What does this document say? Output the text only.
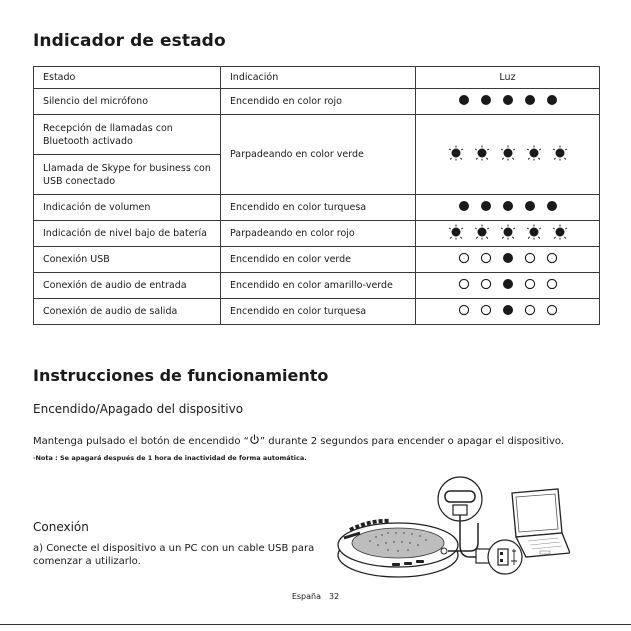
Indicador de estado
Estado	Indicación	Luz
Silencio del micrófono	Encendido en color rojo	

Recepción de llamadas con Bluetooth activado	Parpadeando en color verde	

Llamada de Skype for business con USB conectado		
Indicación de volumen	Encendido en color turquesa	

Indicación de nivel bajo de batería	Parpadeando en color rojo	

Conexión USB	Encendido en color verde	

Conexión de audio de entrada	Encendido en color amarillo-verde	

Conexión de audio de salida	Encendido en color turquesa	
Instrucciones de funcionamiento
Encendido/Apagado del dispositivo

Mantenga pulsado el botón de encendido “ ” durante 2 segundos para encender o apagar el dispositivo.

·Nota : Se apagará después de 1 hora de inactividad de forma automática.

Conexión

a) Conecte el dispositivo a un PC con un cable USB para comenzar a utilizarlo.

España 32
